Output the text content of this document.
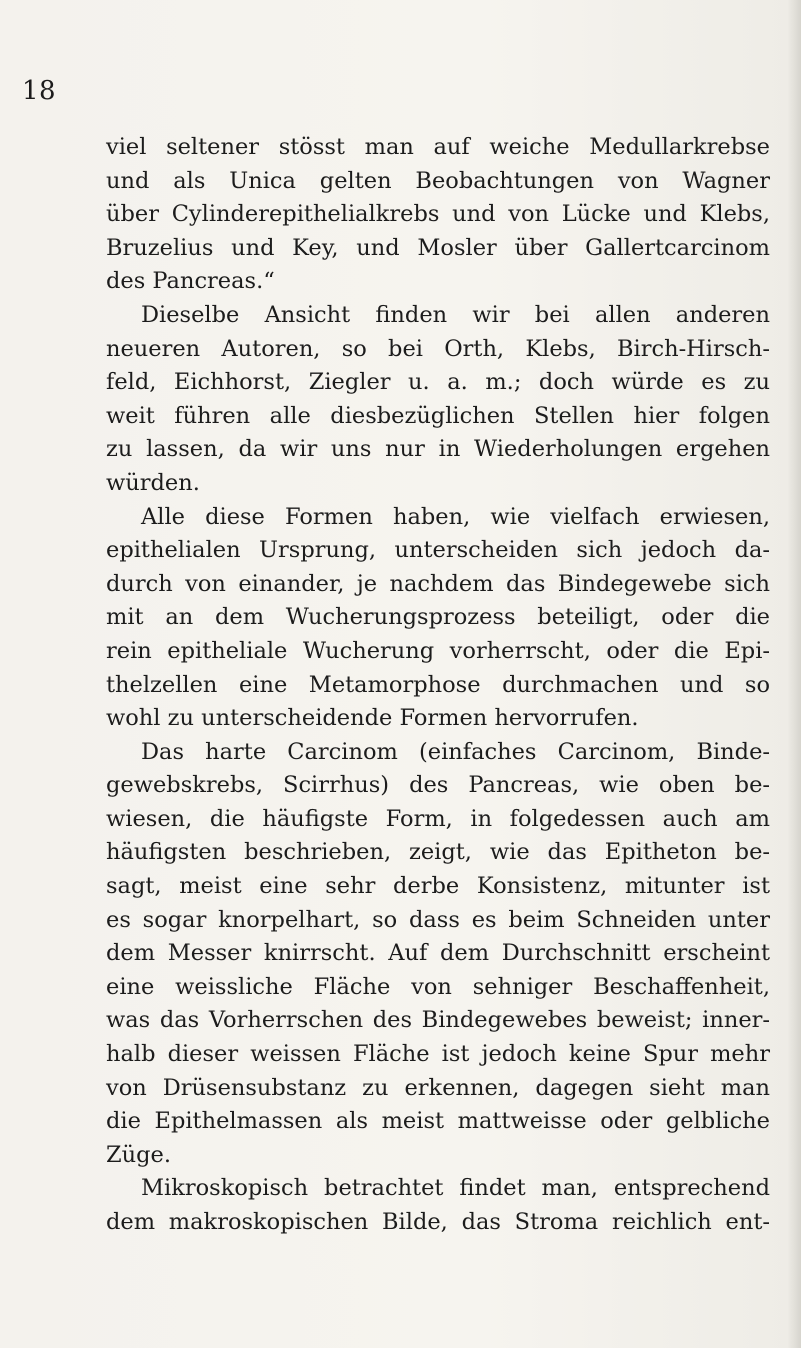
18
viel seltener stösst man auf weiche Medullarkrebse
und als Unica gelten Beobachtungen von Wagner
über Cylinderepithelialkrebs und von Lücke und Klebs,
Bruzelius und Key, und Mosler über Gallertcarcinom
des Pancreas.“
Dieselbe Ansicht finden wir bei allen anderen
neueren Autoren, so bei Orth, Klebs, Birch-Hirsch-
feld, Eichhorst, Ziegler u. a. m.; doch würde es zu
weit führen alle diesbezüglichen Stellen hier folgen
zu lassen, da wir uns nur in Wiederholungen ergehen
würden.
Alle diese Formen haben, wie vielfach erwiesen,
epithelialen Ursprung, unterscheiden sich jedoch da-
durch von einander, je nachdem das Bindegewebe sich
mit an dem Wucherungsprozess beteiligt, oder die
rein epitheliale Wucherung vorherrscht, oder die Epi-
thelzellen eine Metamorphose durchmachen und so
wohl zu unterscheidende Formen hervorrufen.
Das harte Carcinom (einfaches Carcinom, Binde-
gewebskrebs, Scirrhus) des Pancreas, wie oben be-
wiesen, die häufigste Form, in folgedessen auch am
häufigsten beschrieben, zeigt, wie das Epitheton be-
sagt, meist eine sehr derbe Konsistenz, mitunter ist
es sogar knorpelhart, so dass es beim Schneiden unter
dem Messer knirrscht. Auf dem Durchschnitt erscheint
eine weissliche Fläche von sehniger Beschaffenheit,
was das Vorherrschen des Bindegewebes beweist; inner-
halb dieser weissen Fläche ist jedoch keine Spur mehr
von Drüsensubstanz zu erkennen, dagegen sieht man
die Epithelmassen als meist mattweisse oder gelbliche
Züge.
Mikroskopisch betrachtet findet man, entsprechend
dem makroskopischen Bilde, das Stroma reichlich ent-
